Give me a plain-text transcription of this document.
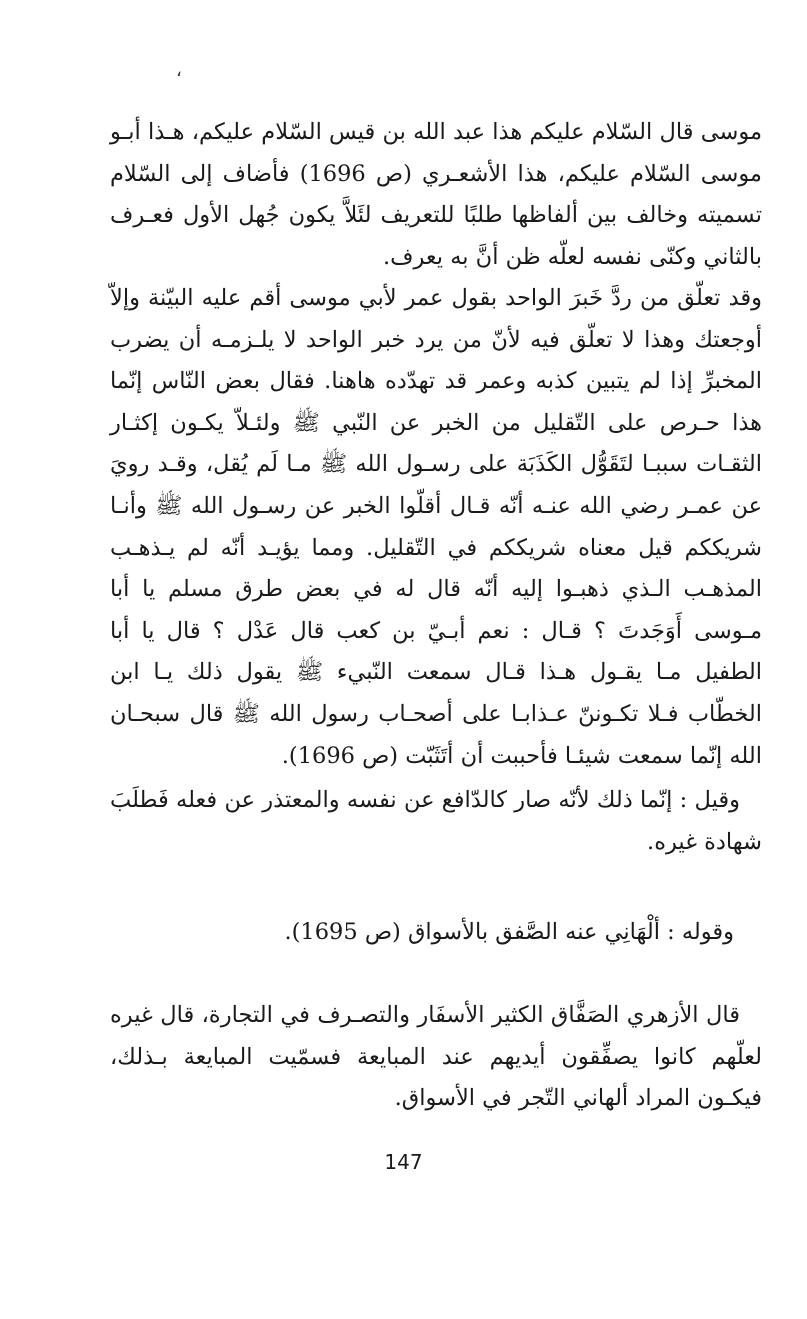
،

موسى قال السّلام عليكم هذا عبد الله بن قيس السّلام عليكم، هـذا أبـو موسى السّلام عليكم، هذا الأشعـري (ص 1696) فأضاف إلى السّلام تسميته وخالف بين ألفاظها طلبًا للتعريف لئَلاَّ يكون جُهل الأول فعـرف بالثاني وكنّى نفسه لعلّه ظن أنَّ به يعرف.

وقد تعلّق من ردَّ خَبرَ الواحد بقول عمر لأبي موسى أقم عليه البيّنة وإلاّ أوجعتك وهذا لا تعلّق فيه لأنّ من يرد خبر الواحد لا يلـزمـه أن يضرب المخبرِّ إذا لم يتبين كذبه وعمر قد تهدّده هاهنا. فقال بعض النّاس إنّما هذا حـرص على التّقليل من الخبر عن النّبي ﷺ ولئـلاّ يكـون إكثـار الثقـات سببـا لتَقَوُّل الكَذَبَة على رسـول الله ﷺ مـا لَم يُقل، وقـد رويَ عن عمـر رضي الله عنـه أنّه قـال أقلّوا الخبر عن رسـول الله ﷺ وأنـا شريككم قيل معناه شريككم في التّقليل. ومما يؤيـد أنّه لم يـذهـب المذهـب الـذي ذهبـوا إليه أنّه قال له في بعض طرق مسلم يا أبا مـوسى أَوَجَدتَ ؟ قـال : نعم أبـيّ بن كعب قال عَدْل ؟ قال يا أبا الطفيل مـا يقـول هـذا قـال سمعت النّبيء ﷺ يقول ذلك يـا ابن الخطّاب فـلا تكـوننّ عـذابـا على أصحـاب رسول الله ﷺ قال سبحـان الله إنّما سمعت شيئـا فأحببت أن أتَثَبّت (ص 1696).

وقيل : إنّما ذلك لأنّه صار كالدّافع عن نفسه والمعتذر عن فعله فَطلَبَ شهادة غيره.

وقوله : ألْهَانِي عنه الصَّفق بالأسواق (ص 1695).

قال الأزهري الصَفَّاق الكثير الأسفَار والتصـرف في التجارة، قال غيره لعلّهم كانوا يصفِّقون أيديهم عند المبايعة فسمّيت المبايعة بـذلك، فيكـون المراد ألهاني التّجر في الأسواق.

147
